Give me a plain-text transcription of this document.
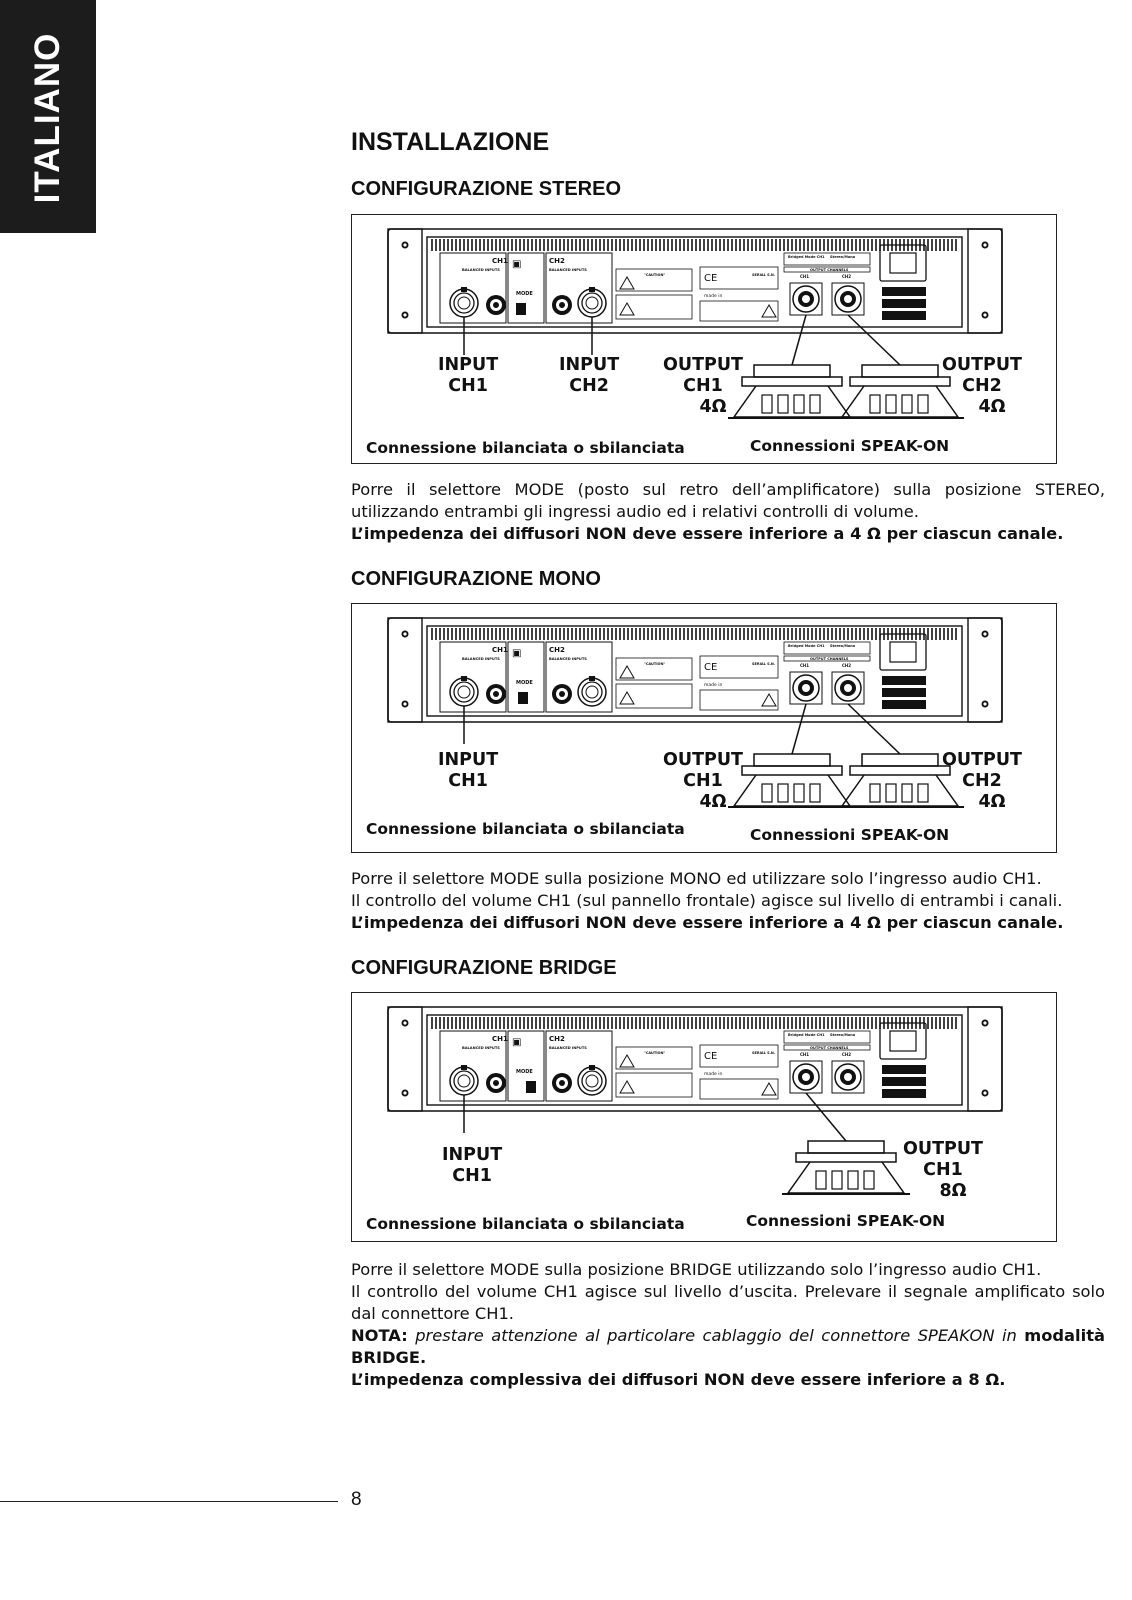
ITALIANO	INSTALLAZIONE
CONFIGURAZIONE STEREO
CH1
BALANCED INPUTS ▣
MODE
CH2
BALANCED INPUTS
"CAUTION"	CE	SERIAL S.N.
made in
Bridged Mode CH1 Stereo/Mono
OUTPUT CHANNELS
CH1	CH2
INPUT
CH1
INPUT
CH2
OUTPUT
CH1
4Ω
OUTPUT
CH2
4Ω
Connessione bilanciata o sbilanciata	Connessioni SPEAK-ON

Porre il selettore MODE (posto sul retro dell’amplificatore) sulla posizione STEREO, utilizzando entrambi gli ingressi audio ed i relativi controlli di volume.
L’impedenza dei diffusori NON deve essere inferiore a 4 Ω per ciascun canale.

CONFIGURAZIONE MONO
CH1
BALANCED INPUTS ▣
MODE
CH2
BALANCED INPUTS
"CAUTION"	CE	SERIAL S.N.
made in
Bridged Mode CH1 Stereo/Mono
OUTPUT CHANNELS
CH1	CH2
INPUT
CH1
OUTPUT
CH1
4Ω
OUTPUT
CH2
4Ω
Connessione bilanciata o sbilanciata	Connessioni SPEAK-ON

Porre il selettore MODE sulla posizione MONO ed utilizzare solo l’ingresso audio CH1.
Il controllo del volume CH1 (sul pannello frontale) agisce sul livello di entrambi i canali.
L’impedenza dei diffusori NON deve essere inferiore a 4 Ω per ciascun canale.

CONFIGURAZIONE BRIDGE
CH1
BALANCED INPUTS ▣
MODE
CH2
BALANCED INPUTS
"CAUTION"	CE	SERIAL S.N.
made in
Bridged Mode CH1 Stereo/Mono
OUTPUT CHANNELS
CH1	CH2
INPUT
CH1
OUTPUT
CH1
8Ω
Connessione bilanciata o sbilanciata	Connessioni SPEAK-ON

Porre il selettore MODE sulla posizione BRIDGE utilizzando solo l’ingresso audio CH1.
Il controllo del volume CH1 agisce sul livello d’uscita. Prelevare il segnale amplificato solo dal connettore CH1.
NOTA: prestare attenzione al particolare cablaggio del connettore SPEAKON in modalità BRIDGE.
L’impedenza complessiva dei diffusori NON deve essere inferiore a 8 Ω.

8
